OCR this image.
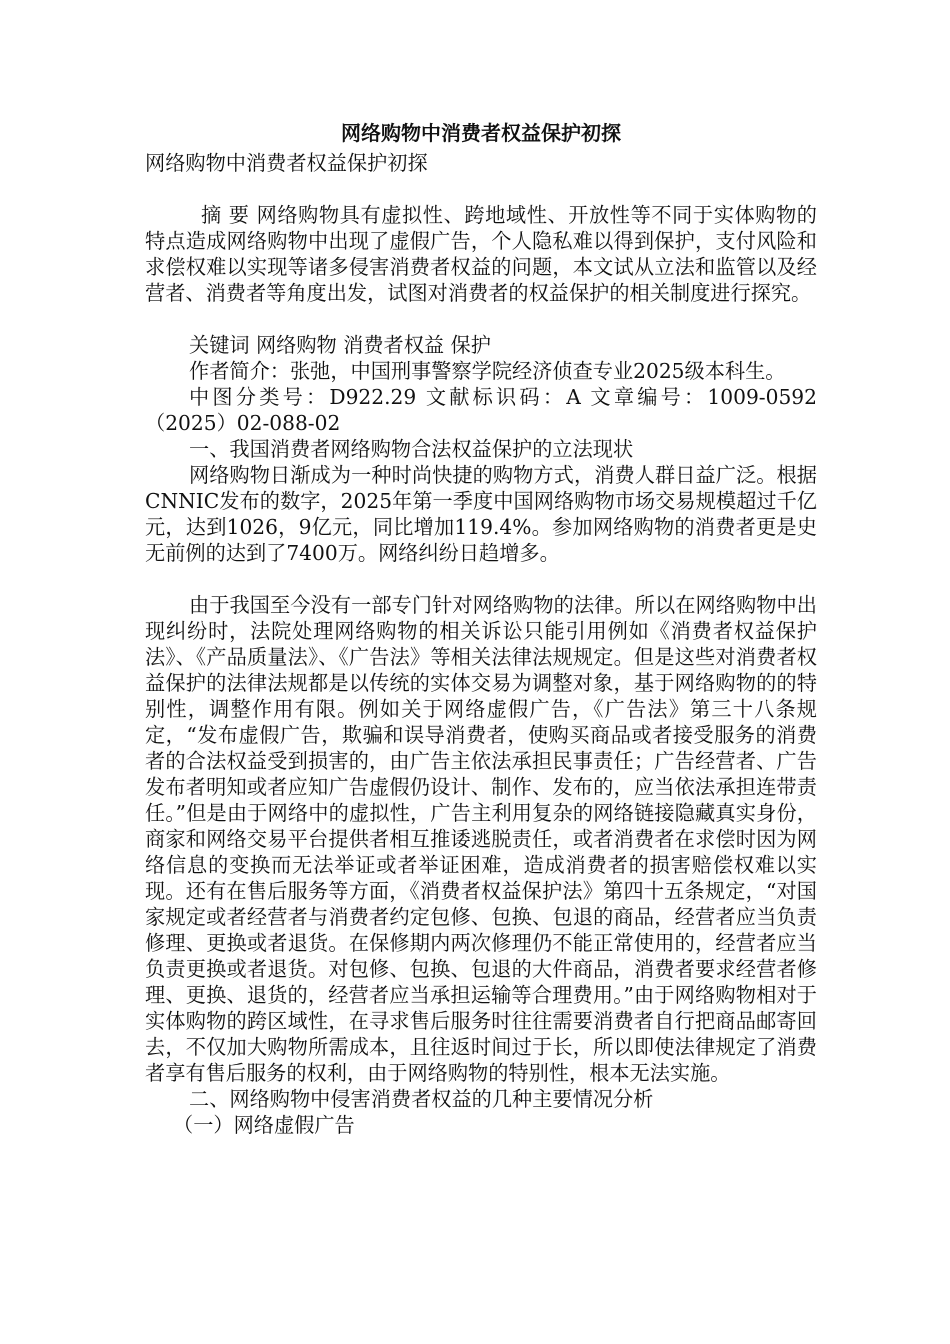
网络购物中消费者权益保护初探

网络购物中消费者权益保护初探

摘 要 网络购物具有虚拟性、跨地域性、开放性等不同于实体购物的特点造成网络购物中出现了虚假广告，个人隐私难以得到保护，支付风险和求偿权难以实现等诸多侵害消费者权益的问题，本文试从立法和监管以及经营者、消费者等角度出发，试图对消费者的权益保护的相关制度进行探究。

关键词 网络购物 消费者权益 保护

作者简介：张弛，中国刑事警察学院经济侦查专业2025级本科生。

中图分类号：D922.29 文献标识码：A 文章编号：1009-0592（2025）02-088-02

一、我国消费者网络购物合法权益保护的立法现状

网络购物日渐成为一种时尚快捷的购物方式，消费人群日益广泛。根据CNNIC发布的数字，2025年第一季度中国网络购物市场交易规模超过千亿元，达到1026，9亿元，同比增加119.4%。参加网络购物的消费者更是史无前例的达到了7400万。网络纠纷日趋增多。

由于我国至今没有一部专门针对网络购物的法律。所以在网络购物中出现纠纷时，法院处理网络购物的相关诉讼只能引用例如《消费者权益保护法》、《产品质量法》、《广告法》等相关法律法规规定。但是这些对消费者权益保护的法律法规都是以传统的实体交易为调整对象，基于网络购物的的特别性，调整作用有限。例如关于网络虚假广告，《广告法》第三十八条规定，“发布虚假广告，欺骗和误导消费者，使购买商品或者接受服务的消费者的合法权益受到损害的，由广告主依法承担民事责任；广告经营者、广告发布者明知或者应知广告虚假仍设计、制作、发布的，应当依法承担连带责任。”但是由于网络中的虚拟性，广告主利用复杂的网络链接隐藏真实身份，商家和网络交易平台提供者相互推诿逃脱责任，或者消费者在求偿时因为网络信息的变换而无法举证或者举证困难，造成消费者的损害赔偿权难以实现。还有在售后服务等方面，《消费者权益保护法》第四十五条规定，“对国家规定或者经营者与消费者约定包修、包换、包退的商品，经营者应当负责修理、更换或者退货。在保修期内两次修理仍不能正常使用的，经营者应当负责更换或者退货。对包修、包换、包退的大件商品，消费者要求经营者修理、更换、退货的，经营者应当承担运输等合理费用。”由于网络购物相对于实体购物的跨区域性，在寻求售后服务时往往需要消费者自行把商品邮寄回去，不仅加大购物所需成本，且往返时间过于长，所以即使法律规定了消费者享有售后服务的权利，由于网络购物的特别性，根本无法实施。

二、网络购物中侵害消费者权益的几种主要情况分析

（一）网络虚假广告
